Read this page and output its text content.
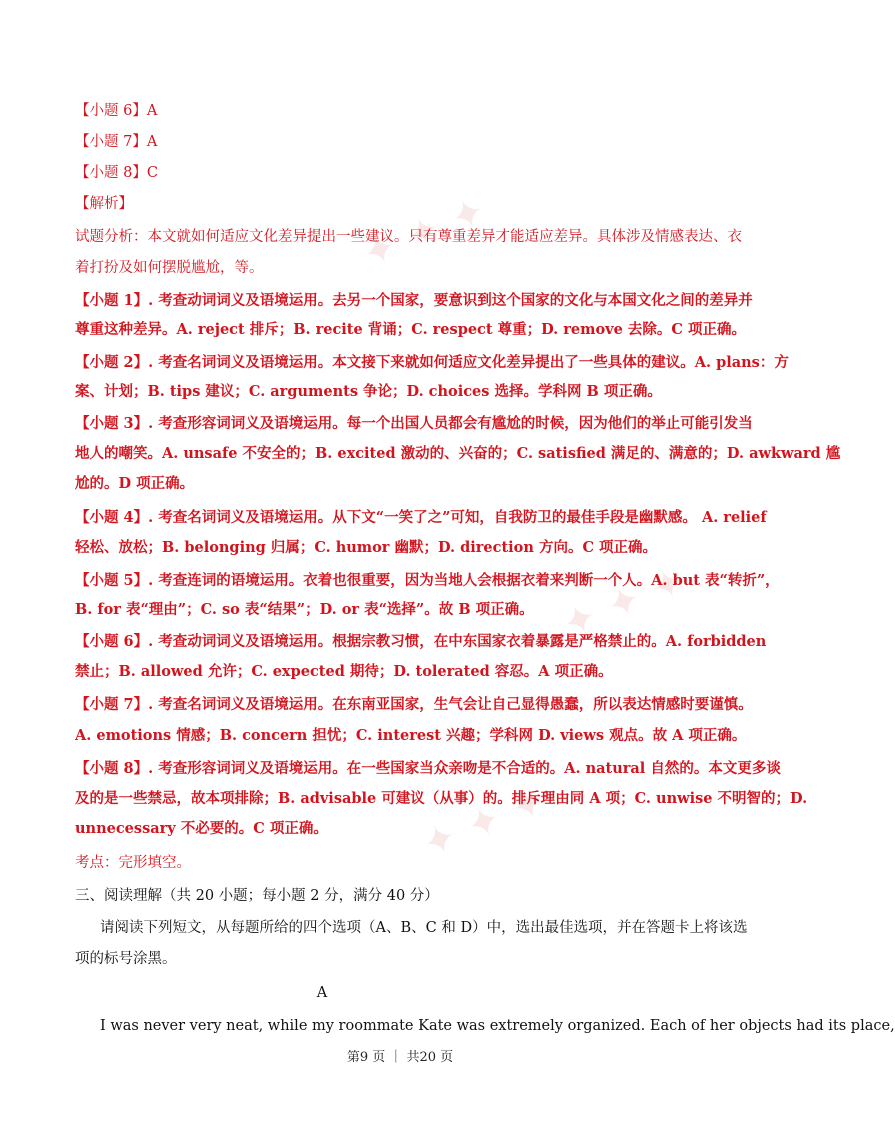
✦ ✦ ✦
✦ ✦ ✦
✦ ✦ ✦
【小题 6】A
【小题 7】A
【小题 8】C
【解析】
试题分析：本文就如何适应文化差异提出一些建议。只有尊重差异才能适应差异。具体涉及情感表达、衣
着打扮及如何摆脱尴尬，等。
【小题 1】. 考查动词词义及语境运用。去另一个国家，要意识到这个国家的文化与本国文化之间的差异并
尊重这种差异。A. reject 排斥；B. recite 背诵；C. respect 尊重；D. remove 去除。C 项正确。
【小题 2】. 考查名词词义及语境运用。本文接下来就如何适应文化差异提出了一些具体的建议。A. plans：方
案、计划；B. tips 建议；C. arguments 争论；D. choices 选择。学科网 B 项正确。
【小题 3】. 考查形容词词义及语境运用。每一个出国人员都会有尴尬的时候，因为他们的举止可能引发当
地人的嘲笑。A. unsafe 不安全的；B. excited 激动的、兴奋的；C. satisfied 满足的、满意的；D. awkward 尴
尬的。D 项正确。
【小题 4】. 考查名词词义及语境运用。从下文“一笑了之”可知，自我防卫的最佳手段是幽默感。 A. relief
轻松、放松；B. belonging 归属；C. humor 幽默；D. direction 方向。C 项正确。
【小题 5】. 考查连词的语境运用。衣着也很重要，因为当地人会根据衣着来判断一个人。A. but 表“转折”，
B. for 表“理由”；C. so 表“结果”；D. or 表“选择”。故 B 项正确。
【小题 6】. 考查动词词义及语境运用。根据宗教习惯，在中东国家衣着暴露是严格禁止的。A. forbidden
禁止；B. allowed 允许；C. expected 期待；D. tolerated 容忍。A 项正确。
【小题 7】. 考查名词词义及语境运用。在东南亚国家，生气会让自己显得愚蠢，所以表达情感时要谨慎。
A. emotions 情感；B. concern 担忧；C. interest 兴趣；学科网 D. views 观点。故 A 项正确。
【小题 8】. 考查形容词词义及语境运用。在一些国家当众亲吻是不合适的。A. natural 自然的。本文更多谈
及的是一些禁忌，故本项排除；B. advisable 可建议（从事）的。排斥理由同 A 项；C. unwise 不明智的；D.
unnecessary 不必要的。C 项正确。
考点：完形填空。
三、阅读理解（共 20 小题；每小题 2 分，满分 40 分）
请阅读下列短文，从每题所给的四个选项（A、B、C 和 D）中，选出最佳选项，并在答题卡上将该选
项的标号涂黑。
A
I was never very neat, while my roommate Kate was extremely organized. Each of her objects had its place,
第9 页 ｜ 共20 页
